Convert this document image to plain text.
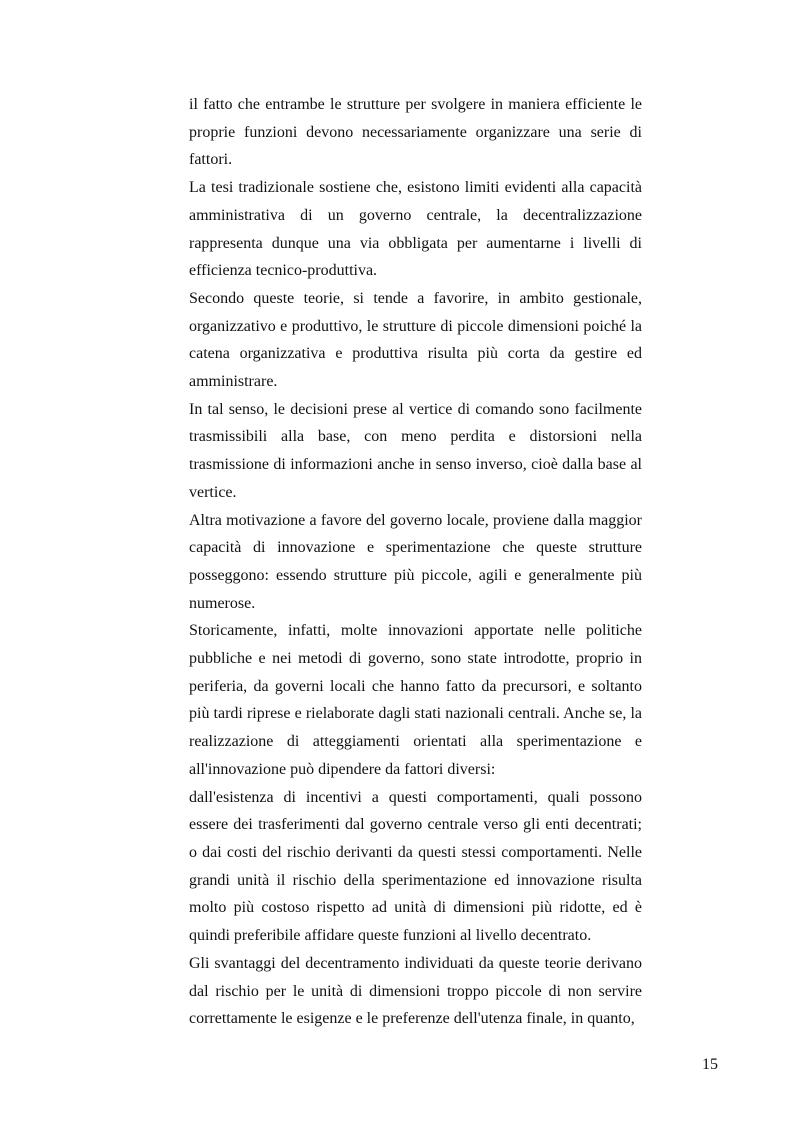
il fatto che entrambe le strutture per svolgere in maniera efficiente le proprie funzioni devono necessariamente organizzare una serie di fattori.

La tesi tradizionale sostiene che, esistono limiti evidenti alla capacità amministrativa di un governo centrale, la decentralizzazione rappresenta dunque una via obbligata per aumentarne i livelli di efficienza tecnico-produttiva.

Secondo queste teorie, si tende a favorire, in ambito gestionale, organizzativo e produttivo, le strutture di piccole dimensioni poiché la catena organizzativa e produttiva risulta più corta da gestire ed amministrare.

In tal senso, le decisioni prese al vertice di comando sono facilmente trasmissibili alla base, con meno perdita e distorsioni nella trasmissione di informazioni anche in senso inverso, cioè dalla base al vertice.

Altra motivazione a favore del governo locale, proviene dalla maggior capacità di innovazione e sperimentazione che queste strutture posseggono: essendo strutture più piccole, agili e generalmente più numerose.

Storicamente, infatti, molte innovazioni apportate nelle politiche pubbliche e nei metodi di governo, sono state introdotte, proprio in periferia, da governi locali che hanno fatto da precursori, e soltanto più tardi riprese e rielaborate dagli stati nazionali centrali. Anche se, la realizzazione di atteggiamenti orientati alla sperimentazione e all'innovazione può dipendere da fattori diversi:

dall'esistenza di incentivi a questi comportamenti, quali possono essere dei trasferimenti dal governo centrale verso gli enti decentrati; o dai costi del rischio derivanti da questi stessi comportamenti. Nelle grandi unità il rischio della sperimentazione ed innovazione risulta molto più costoso rispetto ad unità di dimensioni più ridotte, ed è quindi preferibile affidare queste funzioni al livello decentrato.

Gli svantaggi del decentramento individuati da queste teorie derivano dal rischio per le unità di dimensioni troppo piccole di non servire correttamente le esigenze e le preferenze dell'utenza finale, in quanto,

15
